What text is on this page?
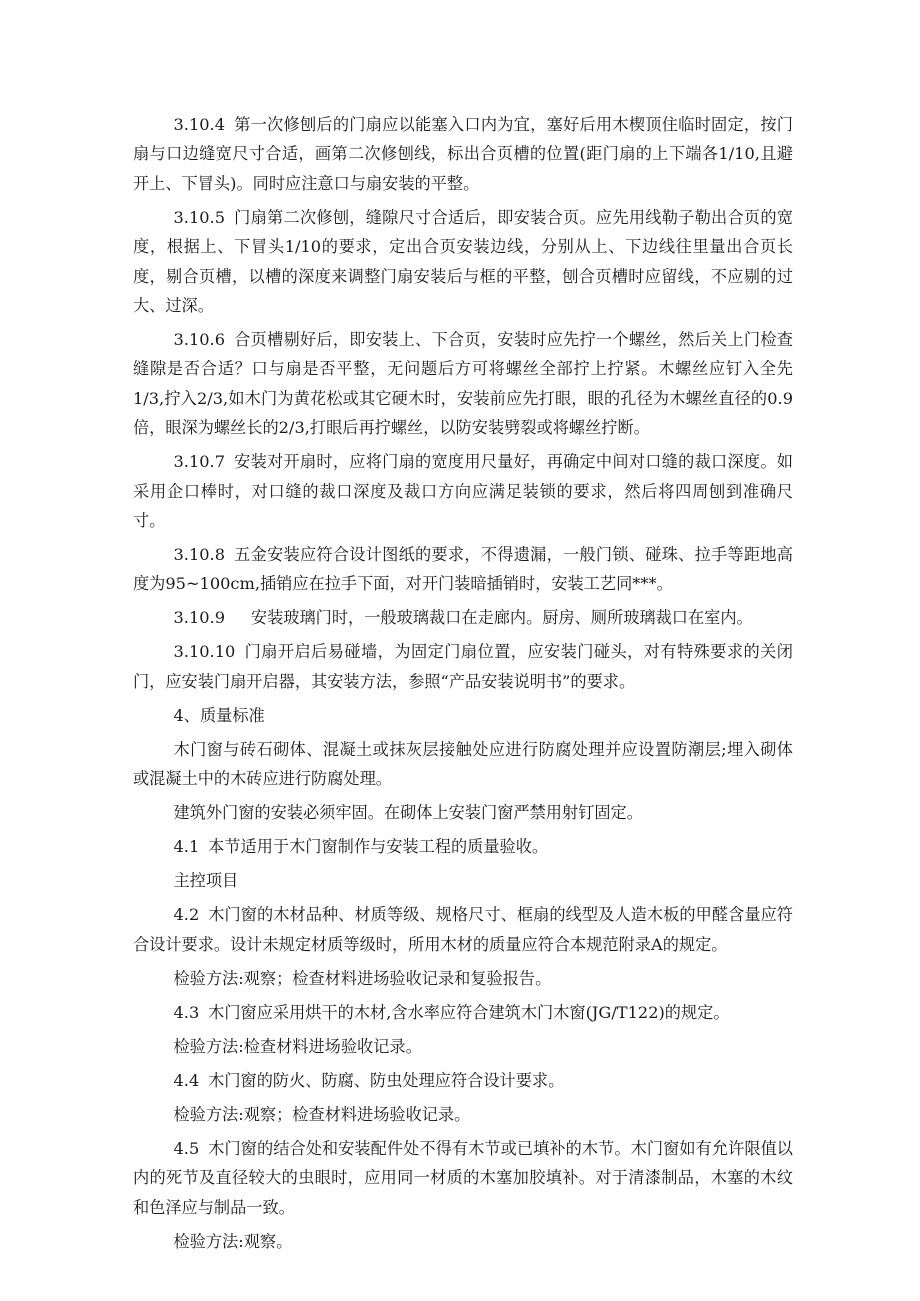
3.10.4 第一次修刨后的门扇应以能塞入口内为宜，塞好后用木楔顶住临时固定，按门扇与口边缝宽尺寸合适，画第二次修刨线，标出合页槽的位置(距门扇的上下端各1/10,且避开上、下冒头)。同时应注意口与扇安装的平整。

3.10.5 门扇第二次修刨，缝隙尺寸合适后，即安装合页。应先用线勒子勒出合页的宽度，根据上、下冒头1/10的要求，定出合页安装边线，分别从上、下边线往里量出合页长度，剔合页槽，以槽的深度来调整门扇安装后与框的平整，刨合页槽时应留线，不应剔的过大、过深。

3.10.6 合页槽剔好后，即安装上、下合页，安装时应先拧一个螺丝，然后关上门检查缝隙是否合适？口与扇是否平整，无问题后方可将螺丝全部拧上拧紧。木螺丝应钉入全先1/3,拧入2/3,如木门为黄花松或其它硬木时，安装前应先打眼，眼的孔径为木螺丝直径的0.9倍，眼深为螺丝长的2/3,打眼后再拧螺丝，以防安装劈裂或将螺丝拧断。

3.10.7 安装对开扇时，应将门扇的宽度用尺量好，再确定中间对口缝的裁口深度。如采用企口棒时，对口缝的裁口深度及裁口方向应满足装锁的要求，然后将四周刨到准确尺寸。

3.10.8 五金安装应符合设计图纸的要求，不得遗漏，一般门锁、碰珠、拉手等距地高度为95~100cm,插销应在拉手下面，对开门装暗插销时，安装工艺同***。

3.10.9 安装玻璃门时，一般玻璃裁口在走廊内。厨房、厕所玻璃裁口在室内。

3.10.10 门扇开启后易碰墙，为固定门扇位置，应安装门碰头，对有特殊要求的关闭门，应安装门扇开启器，其安装方法，参照“产品安装说明书”的要求。

4、质量标准

木门窗与砖石砌体、混凝土或抹灰层接触处应进行防腐处理并应设置防潮层;埋入砌体或混凝土中的木砖应进行防腐处理。

建筑外门窗的安装必须牢固。在砌体上安装门窗严禁用射钉固定。

4.1 本节适用于木门窗制作与安装工程的质量验收。

主控项目

4.2 木门窗的木材品种、材质等级、规格尺寸、框扇的线型及人造木板的甲醛含量应符合设计要求。设计未规定材质等级时，所用木材的质量应符合本规范附录A的规定。

检验方法:观察；检查材料进场验收记录和复验报告。

4.3 木门窗应采用烘干的木材,含水率应符合建筑木门木窗(JG/T122)的规定。

检验方法:检查材料进场验收记录。

4.4 木门窗的防火、防腐、防虫处理应符合设计要求。

检验方法:观察；检查材料进场验收记录。

4.5 木门窗的结合处和安装配件处不得有木节或已填补的木节。木门窗如有允许限值以内的死节及直径较大的虫眼时，应用同一材质的木塞加胶填补。对于清漆制品，木塞的木纹和色泽应与制品一致。

检验方法:观察。
